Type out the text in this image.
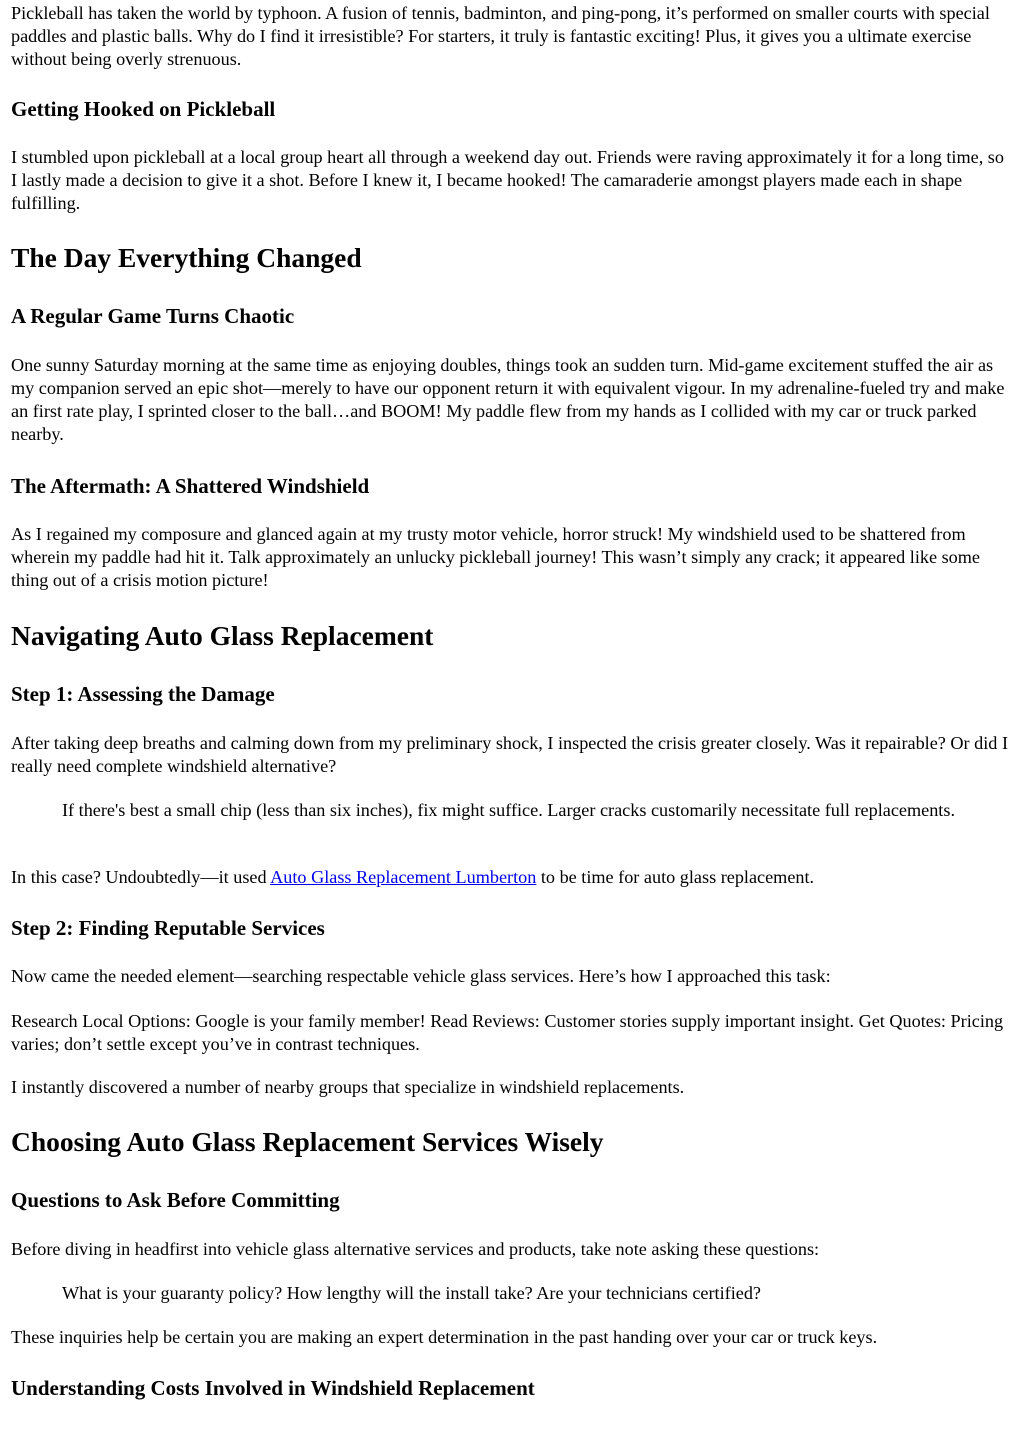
Pickleball has taken the world by typhoon. A fusion of tennis, badminton, and ping-pong, it’s performed on smaller courts with special paddles and plastic balls. Why do I find it irresistible? For starters, it truly is fantastic exciting! Plus, it gives you a ultimate exercise without being overly strenuous.

Getting Hooked on Pickleball

I stumbled upon pickleball at a local group heart all through a weekend day out. Friends were raving approximately it for a long time, so I lastly made a decision to give it a shot. Before I knew it, I became hooked! The camaraderie amongst players made each in shape fulfilling.

The Day Everything Changed
A Regular Game Turns Chaotic

One sunny Saturday morning at the same time as enjoying doubles, things took an sudden turn. Mid-game excitement stuffed the air as my companion served an epic shot—merely to have our opponent return it with equivalent vigour. In my adrenaline-fueled try and make an first rate play, I sprinted closer to the ball…and BOOM! My paddle flew from my hands as I collided with my car or truck parked nearby.

The Aftermath: A Shattered Windshield

As I regained my composure and glanced again at my trusty motor vehicle, horror struck! My windshield used to be shattered from wherein my paddle had hit it. Talk approximately an unlucky pickleball journey! This wasn’t simply any crack; it appeared like some thing out of a crisis motion picture!

Navigating Auto Glass Replacement
Step 1: Assessing the Damage

After taking deep breaths and calming down from my preliminary shock, I inspected the crisis greater closely. Was it repairable? Or did I really need complete windshield alternative?

If there's best a small chip (less than six inches), fix might suffice. Larger cracks customarily necessitate full replacements.

In this case? Undoubtedly—it used Auto Glass Replacement Lumberton to be time for auto glass replacement.

Step 2: Finding Reputable Services

Now came the needed element—searching respectable vehicle glass services. Here’s how I approached this task:

Research Local Options: Google is your family member! Read Reviews: Customer stories supply important insight. Get Quotes: Pricing varies; don’t settle except you’ve in contrast techniques.

I instantly discovered a number of nearby groups that specialize in windshield replacements.

Choosing Auto Glass Replacement Services Wisely
Questions to Ask Before Committing

Before diving in headfirst into vehicle glass alternative services and products, take note asking these questions:

What is your guaranty policy? How lengthy will the install take? Are your technicians certified?

These inquiries help be certain you are making an expert determination in the past handing over your car or truck keys.

Understanding Costs Involved in Windshield Replacement
